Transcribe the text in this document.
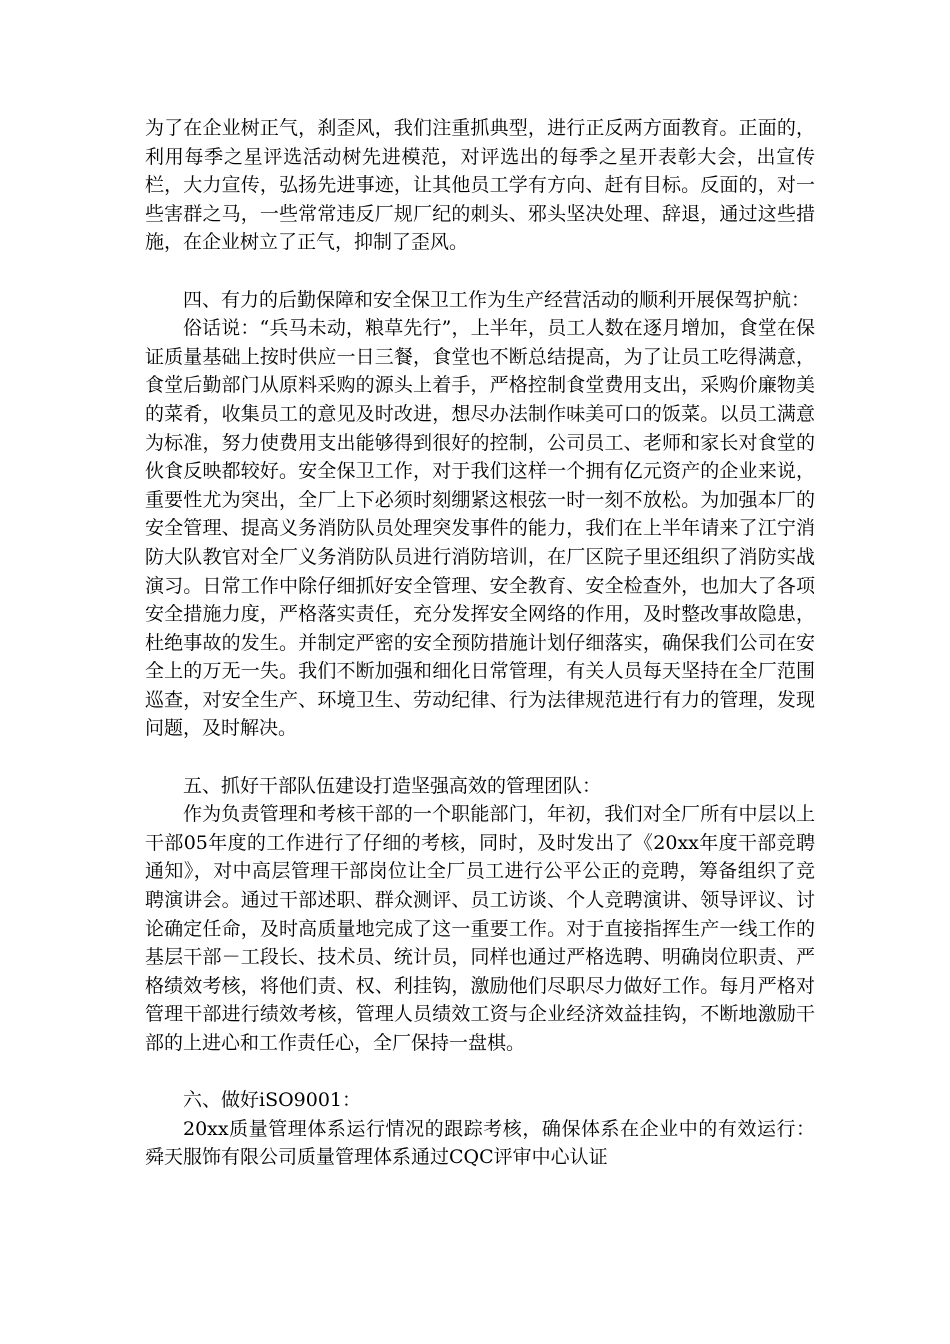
为了在企业树正气，刹歪风，我们注重抓典型，进行正反两方面教育。正面的，利用每季之星评选活动树先进模范，对评选出的每季之星开表彰大会，出宣传栏，大力宣传，弘扬先进事迹，让其他员工学有方向、赶有目标。反面的，对一些害群之马，一些常常违反厂规厂纪的刺头、邪头坚决处理、辞退，通过这些措施，在企业树立了正气，抑制了歪风。

四、有力的后勤保障和安全保卫工作为生产经营活动的顺利开展保驾护航：

俗话说：“兵马未动，粮草先行”，上半年，员工人数在逐月增加，食堂在保证质量基础上按时供应一日三餐，食堂也不断总结提高，为了让员工吃得满意，食堂后勤部门从原料采购的源头上着手，严格控制食堂费用支出，采购价廉物美的菜肴，收集员工的意见及时改进，想尽办法制作味美可口的饭菜。以员工满意为标准，努力使费用支出能够得到很好的控制，公司员工、老师和家长对食堂的伙食反映都较好。安全保卫工作，对于我们这样一个拥有亿元资产的企业来说，重要性尤为突出，全厂上下必须时刻绷紧这根弦一时一刻不放松。为加强本厂的安全管理、提高义务消防队员处理突发事件的能力，我们在上半年请来了江宁消防大队教官对全厂义务消防队员进行消防培训，在厂区院子里还组织了消防实战演习。日常工作中除仔细抓好安全管理、安全教育、安全检查外，也加大了各项安全措施力度，严格落实责任，充分发挥安全网络的作用，及时整改事故隐患，杜绝事故的发生。并制定严密的安全预防措施计划仔细落实，确保我们公司在安全上的万无一失。我们不断加强和细化日常管理，有关人员每天坚持在全厂范围巡查，对安全生产、环境卫生、劳动纪律、行为法律规范进行有力的管理，发现问题，及时解决。

五、抓好干部队伍建设打造坚强高效的管理团队：

作为负责管理和考核干部的一个职能部门，年初，我们对全厂所有中层以上干部05年度的工作进行了仔细的考核，同时，及时发出了《20xx年度干部竞聘通知》，对中高层管理干部岗位让全厂员工进行公平公正的竞聘，筹备组织了竞聘演讲会。通过干部述职、群众测评、员工访谈、个人竞聘演讲、领导评议、讨论确定任命，及时高质量地完成了这一重要工作。对于直接指挥生产一线工作的基层干部－工段长、技术员、统计员，同样也通过严格选聘、明确岗位职责、严格绩效考核，将他们责、权、利挂钩，激励他们尽职尽力做好工作。每月严格对管理干部进行绩效考核，管理人员绩效工资与企业经济效益挂钩，不断地激励干部的上进心和工作责任心，全厂保持一盘棋。

六、做好iSO9001：

20xx质量管理体系运行情况的跟踪考核，确保体系在企业中的有效运行：舜天服饰有限公司质量管理体系通过CQC评审中心认证
